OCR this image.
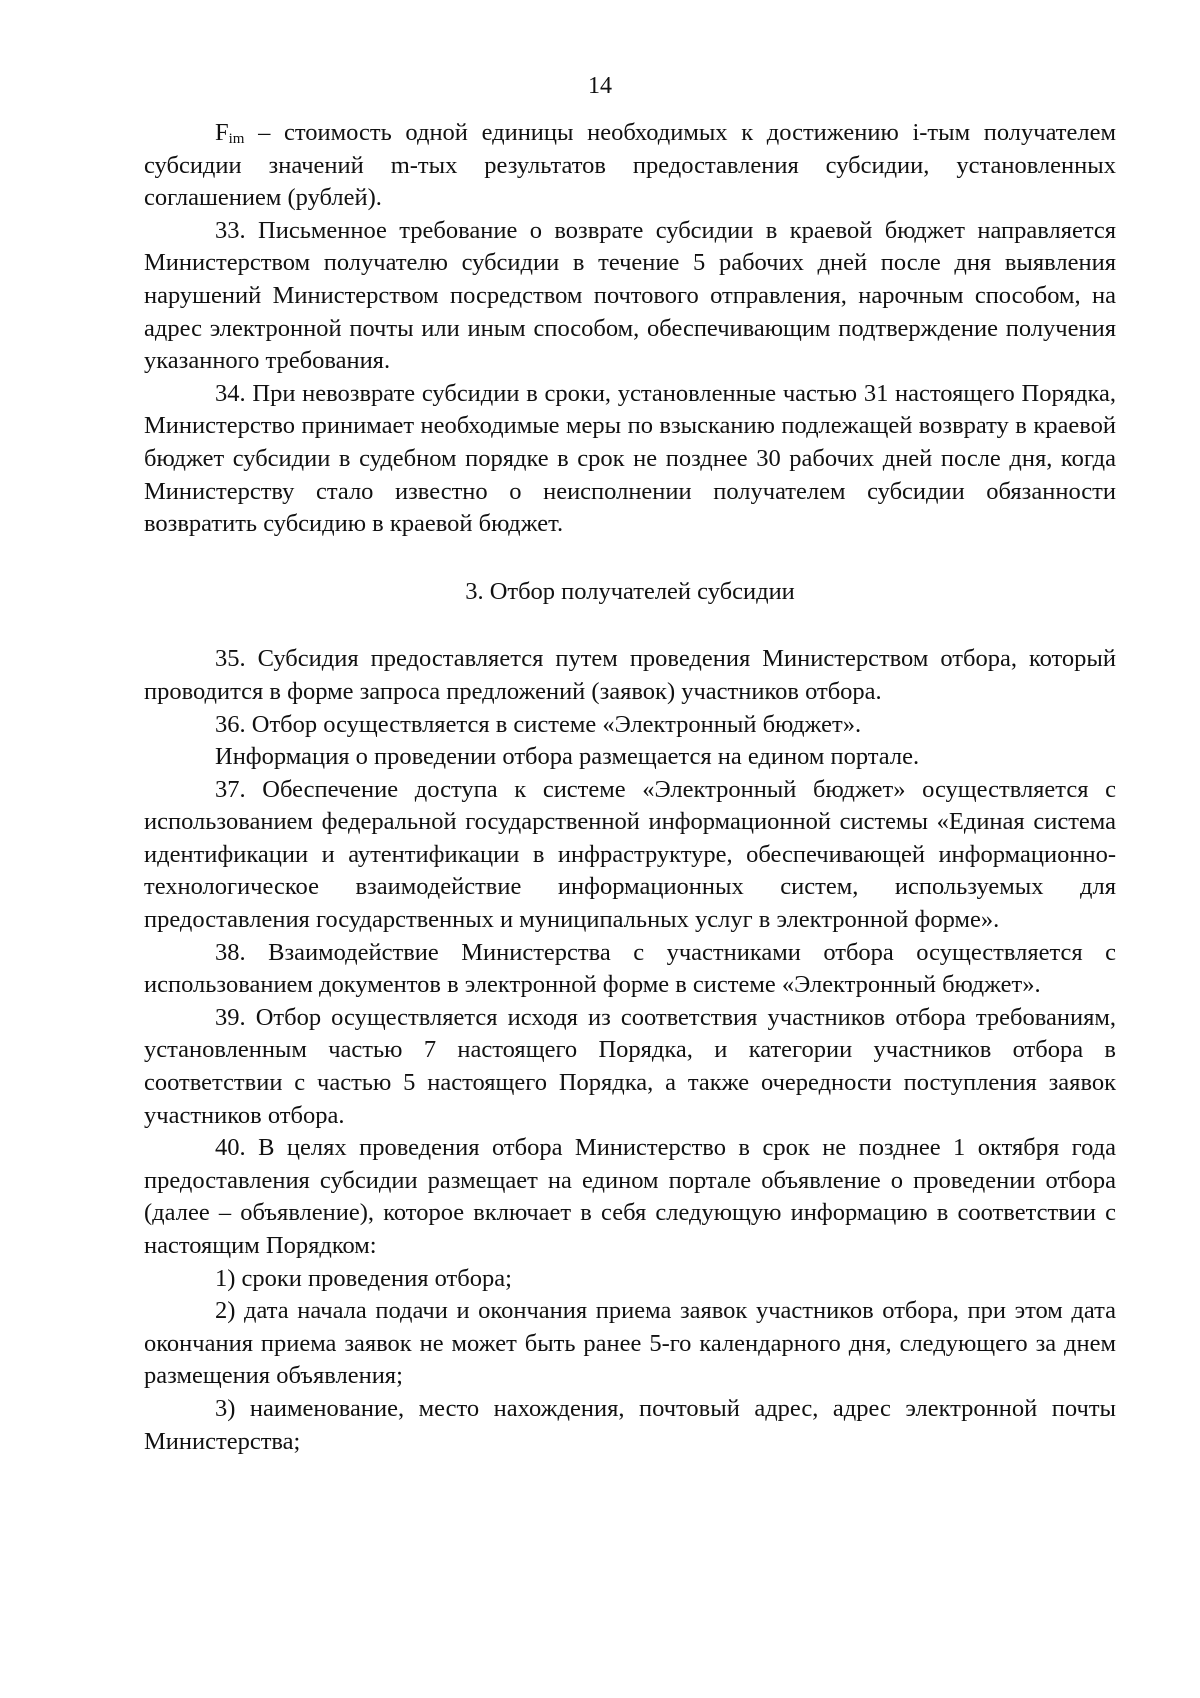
14

$F_{im}$ – стоимость одной единицы необходимых к достижению i-тым получателем субсидии значений m-тых результатов предоставления субсидии, установленных соглашением (рублей).

33. Письменное требование о возврате субсидии в краевой бюджет направляется Министерством получателю субсидии в течение 5 рабочих дней после дня выявления нарушений Министерством посредством почтового отправления, нарочным способом, на адрес электронной почты или иным способом, обеспечивающим подтверждение получения указанного требования.

34. При невозврате субсидии в сроки, установленные частью 31 настоящего Порядка, Министерство принимает необходимые меры по взысканию подлежащей возврату в краевой бюджет субсидии в судебном порядке в срок не позднее 30 рабочих дней после дня, когда Министерству стало известно о неисполнении получателем субсидии обязанности возвратить субсидию в краевой бюджет.

3. Отбор получателей субсидии

35. Субсидия предоставляется путем проведения Министерством отбора, который проводится в форме запроса предложений (заявок) участников отбора.

36. Отбор осуществляется в системе «Электронный бюджет».

Информация о проведении отбора размещается на едином портале.

37. Обеспечение доступа к системе «Электронный бюджет» осуществляется с использованием федеральной государственной информационной системы «Единая система идентификации и аутентификации в инфраструктуре, обеспечивающей информационно-технологическое взаимодействие информационных систем, используемых для предоставления государственных и муниципальных услуг в электронной форме».

38. Взаимодействие Министерства с участниками отбора осуществляется с использованием документов в электронной форме в системе «Электронный бюджет».

39. Отбор осуществляется исходя из соответствия участников отбора требованиям, установленным частью 7 настоящего Порядка, и категории участников отбора в соответствии с частью 5 настоящего Порядка, а также очередности поступления заявок участников отбора.

40. В целях проведения отбора Министерство в срок не позднее 1 октября года предоставления субсидии размещает на едином портале объявление о проведении отбора (далее – объявление), которое включает в себя следующую информацию в соответствии с настоящим Порядком:

1) сроки проведения отбора;

2) дата начала подачи и окончания приема заявок участников отбора, при этом дата окончания приема заявок не может быть ранее 5-го календарного дня, следующего за днем размещения объявления;

3) наименование, место нахождения, почтовый адрес, адрес электронной почты Министерства;
